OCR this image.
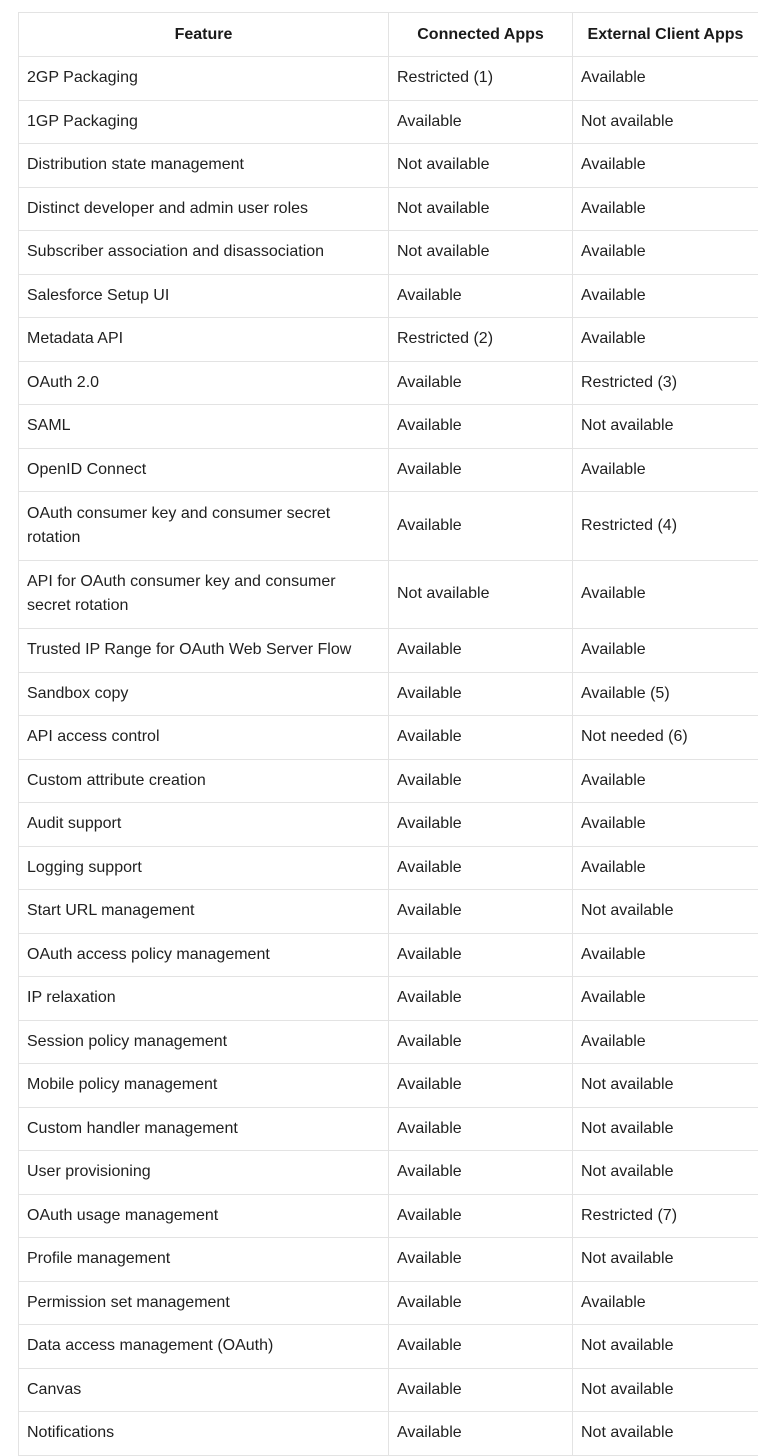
Feature	Connected Apps	External Client Apps
2GP Packaging	Restricted (1)	Available
1GP Packaging	Available	Not available
Distribution state management	Not available	Available
Distinct developer and admin user roles	Not available	Available
Subscriber association and disassociation	Not available	Available
Salesforce Setup UI	Available	Available
Metadata API	Restricted (2)	Available
OAuth 2.0	Available	Restricted (3)
SAML	Available	Not available
OpenID Connect	Available	Available
OAuth consumer key and consumer secret rotation	Available	Restricted (4)
API for OAuth consumer key and consumer secret rotation	Not available	Available
Trusted IP Range for OAuth Web Server Flow	Available	Available
Sandbox copy	Available	Available (5)
API access control	Available	Not needed (6)
Custom attribute creation	Available	Available
Audit support	Available	Available
Logging support	Available	Available
Start URL management	Available	Not available
OAuth access policy management	Available	Available
IP relaxation	Available	Available
Session policy management	Available	Available
Mobile policy management	Available	Not available
Custom handler management	Available	Not available
User provisioning	Available	Not available
OAuth usage management	Available	Restricted (7)
Profile management	Available	Not available
Permission set management	Available	Available
Data access management (OAuth)	Available	Not available
Canvas	Available	Not available
Notifications	Available	Not available
